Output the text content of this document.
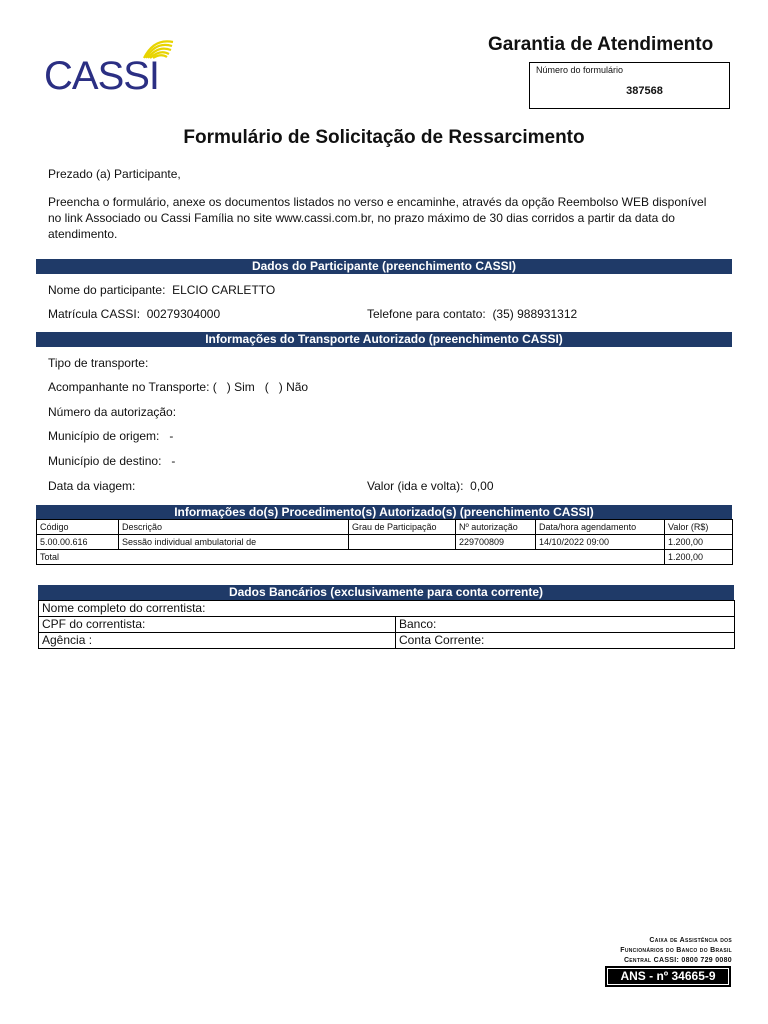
CASSI
Garantia de Atendimento
Número do formulário
387568
Formulário de Solicitação de Ressarcimento
Prezado (a) Participante,
Preencha o formulário, anexe os documentos listados no verso e encaminhe, através da opção Reembolso WEB disponível no link Associado ou Cassi Família no site www.cassi.com.br, no prazo máximo de 30 dias corridos a partir da data do atendimento.
Dados do Participante (preenchimento CASSI)
Nome do participante: ELCIO CARLETTO
Matrícula CASSI: 00279304000	Telefone para contato: (35) 988931312
Informações do Transporte Autorizado (preenchimento CASSI)
Tipo de transporte:
Acompanhante no Transporte: (   ) Sim   (   ) Não
Número da autorização:
Município de origem: -
Município de destino: -
Data da viagem:	Valor (ida e volta): 0,00
Informações do(s) Procedimento(s) Autorizado(s) (preenchimento CASSI)
Código	Descrição	Grau de Participação	Nº autorização	Data/hora agendamento	Valor (R$)
5.00.00.616	Sessão individual ambulatorial de		229700809	14/10/2022 09:00	1.200,00
Total					1.200,00
Dados Bancários (exclusivamente para conta corrente)
Nome completo do correntista:	
CPF do correntista:	Banco:
Agência :	Conta Corrente:
Caixa de Assistência dos
Funcionários do Banco do Brasil
Central CASSI: 0800 729 0080
ANS - nº 34665-9
